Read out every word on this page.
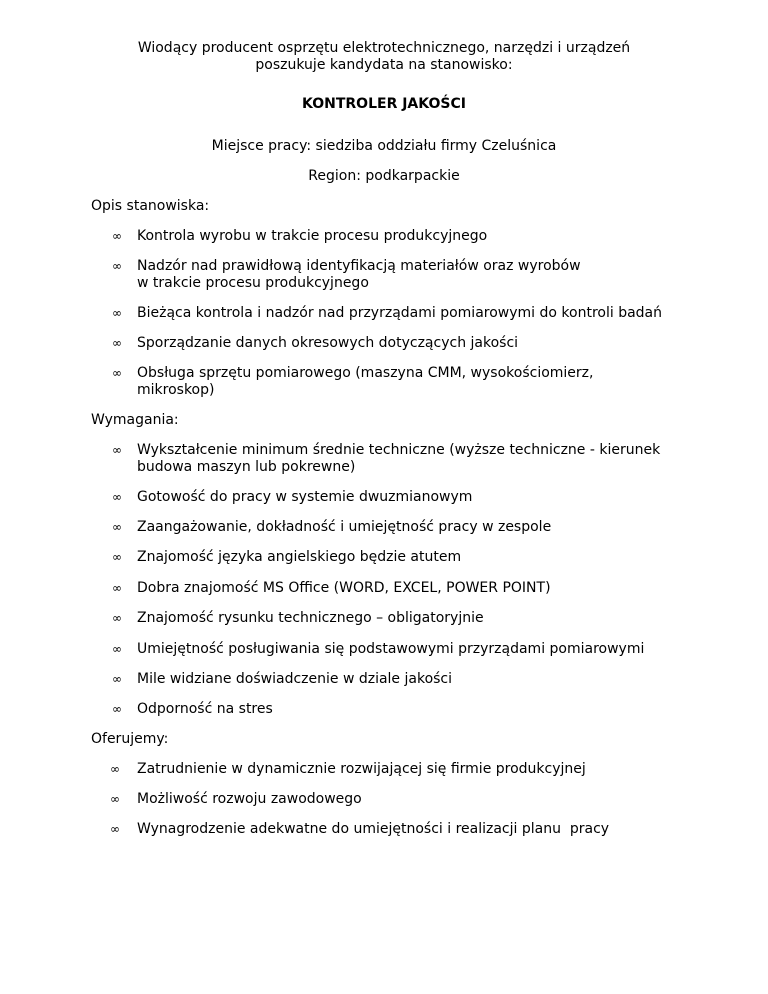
Wiodący producent osprzętu elektrotechnicznego, narzędzi i urządzeń
poszukuje kandydata na stanowisko:
KONTROLER JAKOŚCI
Miejsce pracy: siedziba oddziału firmy Czeluśnica
Region: podkarpackie
Opis stanowiska:
∞ Kontrola wyrobu w trakcie procesu produkcyjnego
∞ Nadzór nad prawidłową identyfikacją materiałów oraz wyrobów
w trakcie procesu produkcyjnego
∞ Bieżąca kontrola i nadzór nad przyrządami pomiarowymi do kontroli badań
∞ Sporządzanie danych okresowych dotyczących jakości
∞ Obsługa sprzętu pomiarowego (maszyna CMM, wysokościomierz,
mikroskop)
Wymagania:
∞ Wykształcenie minimum średnie techniczne (wyższe techniczne - kierunek
budowa maszyn lub pokrewne)
∞ Gotowość do pracy w systemie dwuzmianowym
∞ Zaangażowanie, dokładność i umiejętność pracy w zespole
∞ Znajomość języka angielskiego będzie atutem
∞ Dobra znajomość MS Office (WORD, EXCEL, POWER POINT)
∞ Znajomość rysunku technicznego – obligatoryjnie
∞ Umiejętność posługiwania się podstawowymi przyrządami pomiarowymi
∞ Mile widziane doświadczenie w dziale jakości
∞ Odporność na stres
Oferujemy:
∞ Zatrudnienie w dynamicznie rozwijającej się firmie produkcyjnej
∞ Możliwość rozwoju zawodowego
∞ Wynagrodzenie adekwatne do umiejętności i realizacji planu  pracy
